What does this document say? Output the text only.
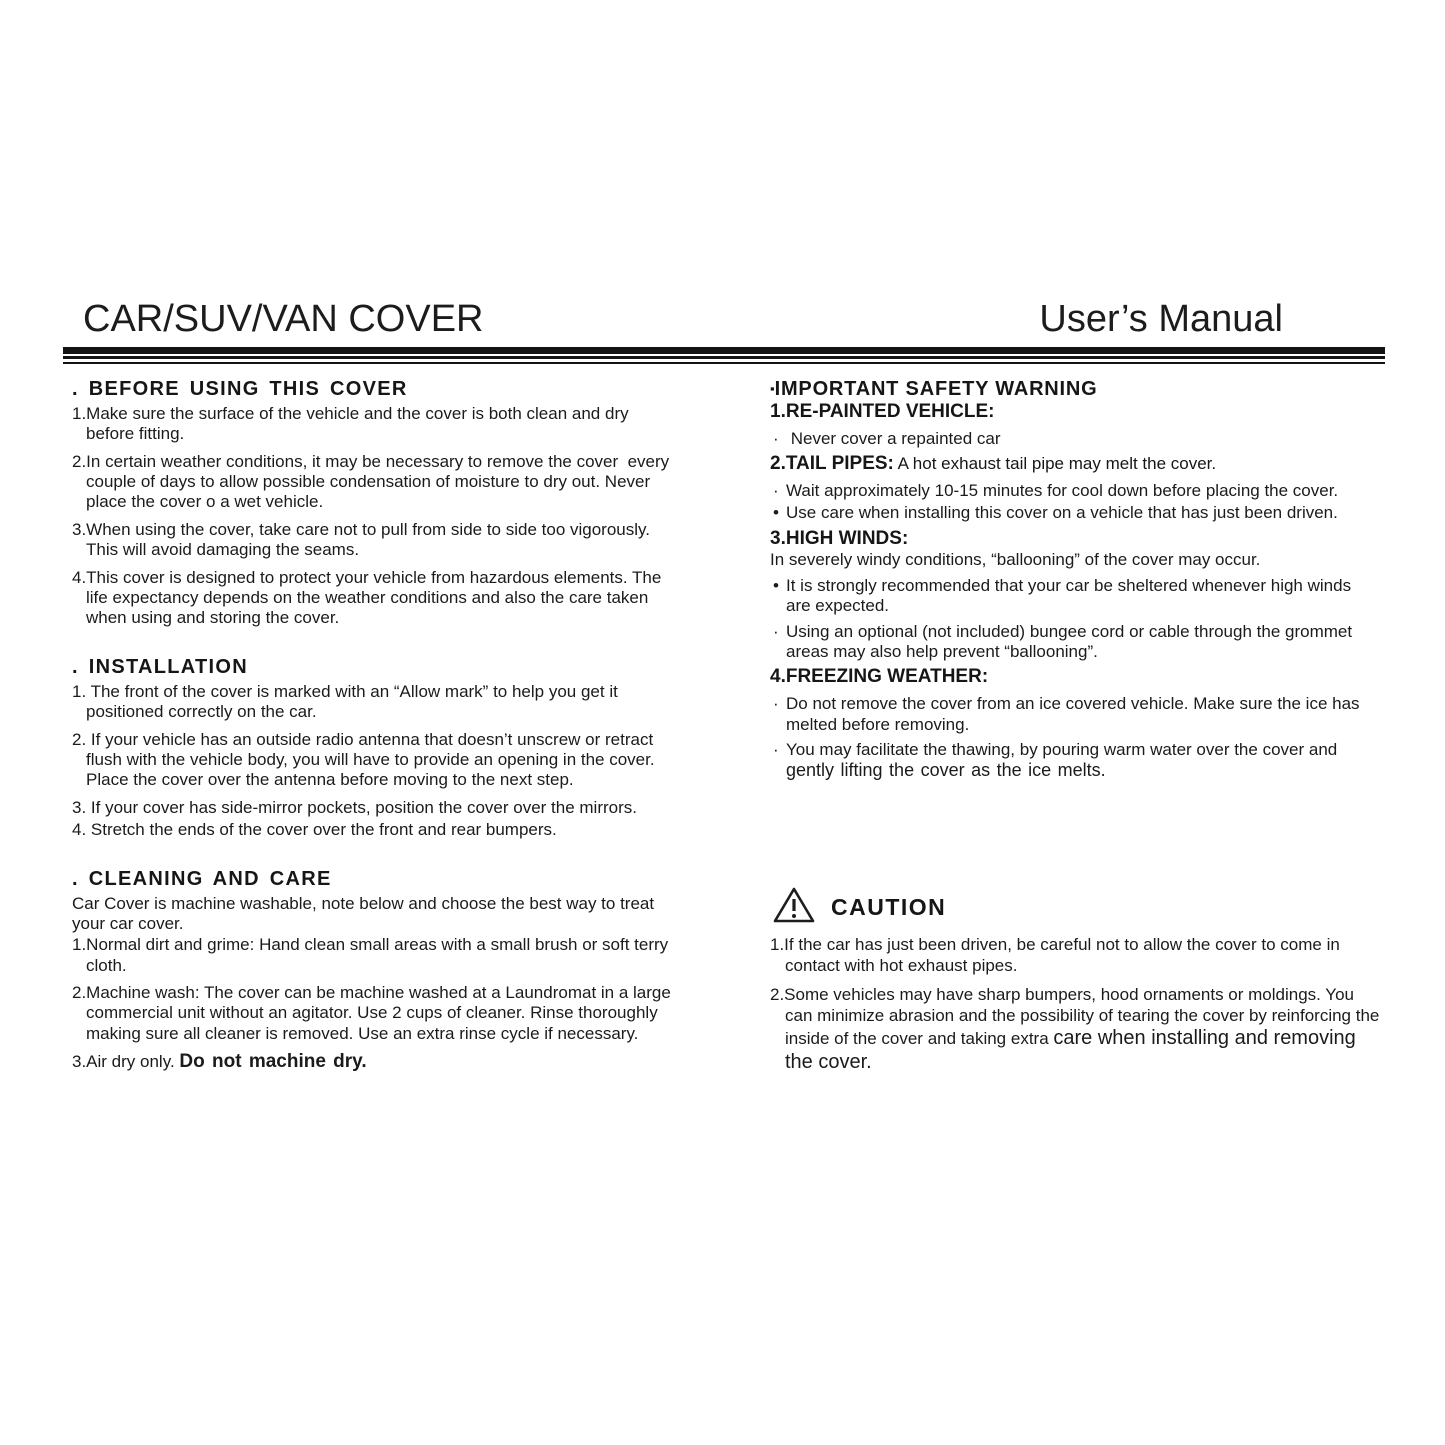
CAR/SUV/VAN COVER	User’s Manual
. BEFORE USING THIS COVER
1.Make sure the surface of the vehicle and the cover is both clean and dry before fitting.
2.In certain weather conditions, it may be necessary to remove the cover  every couple of days to allow possible condensation of moisture to dry out. Never place the cover o a wet vehicle.
3.When using the cover, take care not to pull from side to side too vigorously. This will avoid damaging the seams.
4.This cover is designed to protect your vehicle from hazardous elements. The life expectancy depends on the weather conditions and also the care taken when using and storing the cover.
. INSTALLATION
1. The front of the cover is marked with an “Allow mark” to help you get it positioned correctly on the car.
2. If your vehicle has an outside radio antenna that doesn’t unscrew or retract flush with the vehicle body, you will have to provide an opening in the cover. Place the cover over the antenna before moving to the next step.
3. If your cover has side-mirror pockets, position the cover over the mirrors.
4. Stretch the ends of the cover over the front and rear bumpers.
. CLEANING AND CARE
Car Cover is machine washable, note below and choose the best way to treat your car cover.
1.Normal dirt and grime: Hand clean small areas with a small brush or soft terry cloth.
2.Machine wash: The cover can be machine washed at a Laundromat in a large commercial unit without an agitator. Use 2 cups of cleaner. Rinse thoroughly making sure all cleaner is removed. Use an extra rinse cycle if necessary.
3.Air dry only. Do not machine dry.
▪IMPORTANT SAFETY WARNING
1.RE-PAINTED VEHICLE:
· Never cover a repainted car
2.TAIL PIPES: A hot exhaust tail pipe may melt the cover.
· Wait approximately 10-15 minutes for cool down before placing the cover.
• Use care when installing this cover on a vehicle that has just been driven.
3.HIGH WINDS:
In severely windy conditions, “ballooning” of the cover may occur.
• It is strongly recommended that your car be sheltered whenever high winds are expected.
· Using an optional (not included) bungee cord or cable through the grommet areas may also help prevent “ballooning”.
4.FREEZING WEATHER:
· Do not remove the cover from an ice covered vehicle. Make sure the ice has melted before removing.
· You may facilitate the thawing, by pouring warm water over the cover and gently lifting the cover as the ice melts.
CAUTION
1.If the car has just been driven, be careful not to allow the cover to come in contact with hot exhaust pipes.
2.Some vehicles may have sharp bumpers, hood ornaments or moldings. You can minimize abrasion and the possibility of tearing the cover by reinforcing the inside of the cover and taking extra care when installing and removing the cover.
